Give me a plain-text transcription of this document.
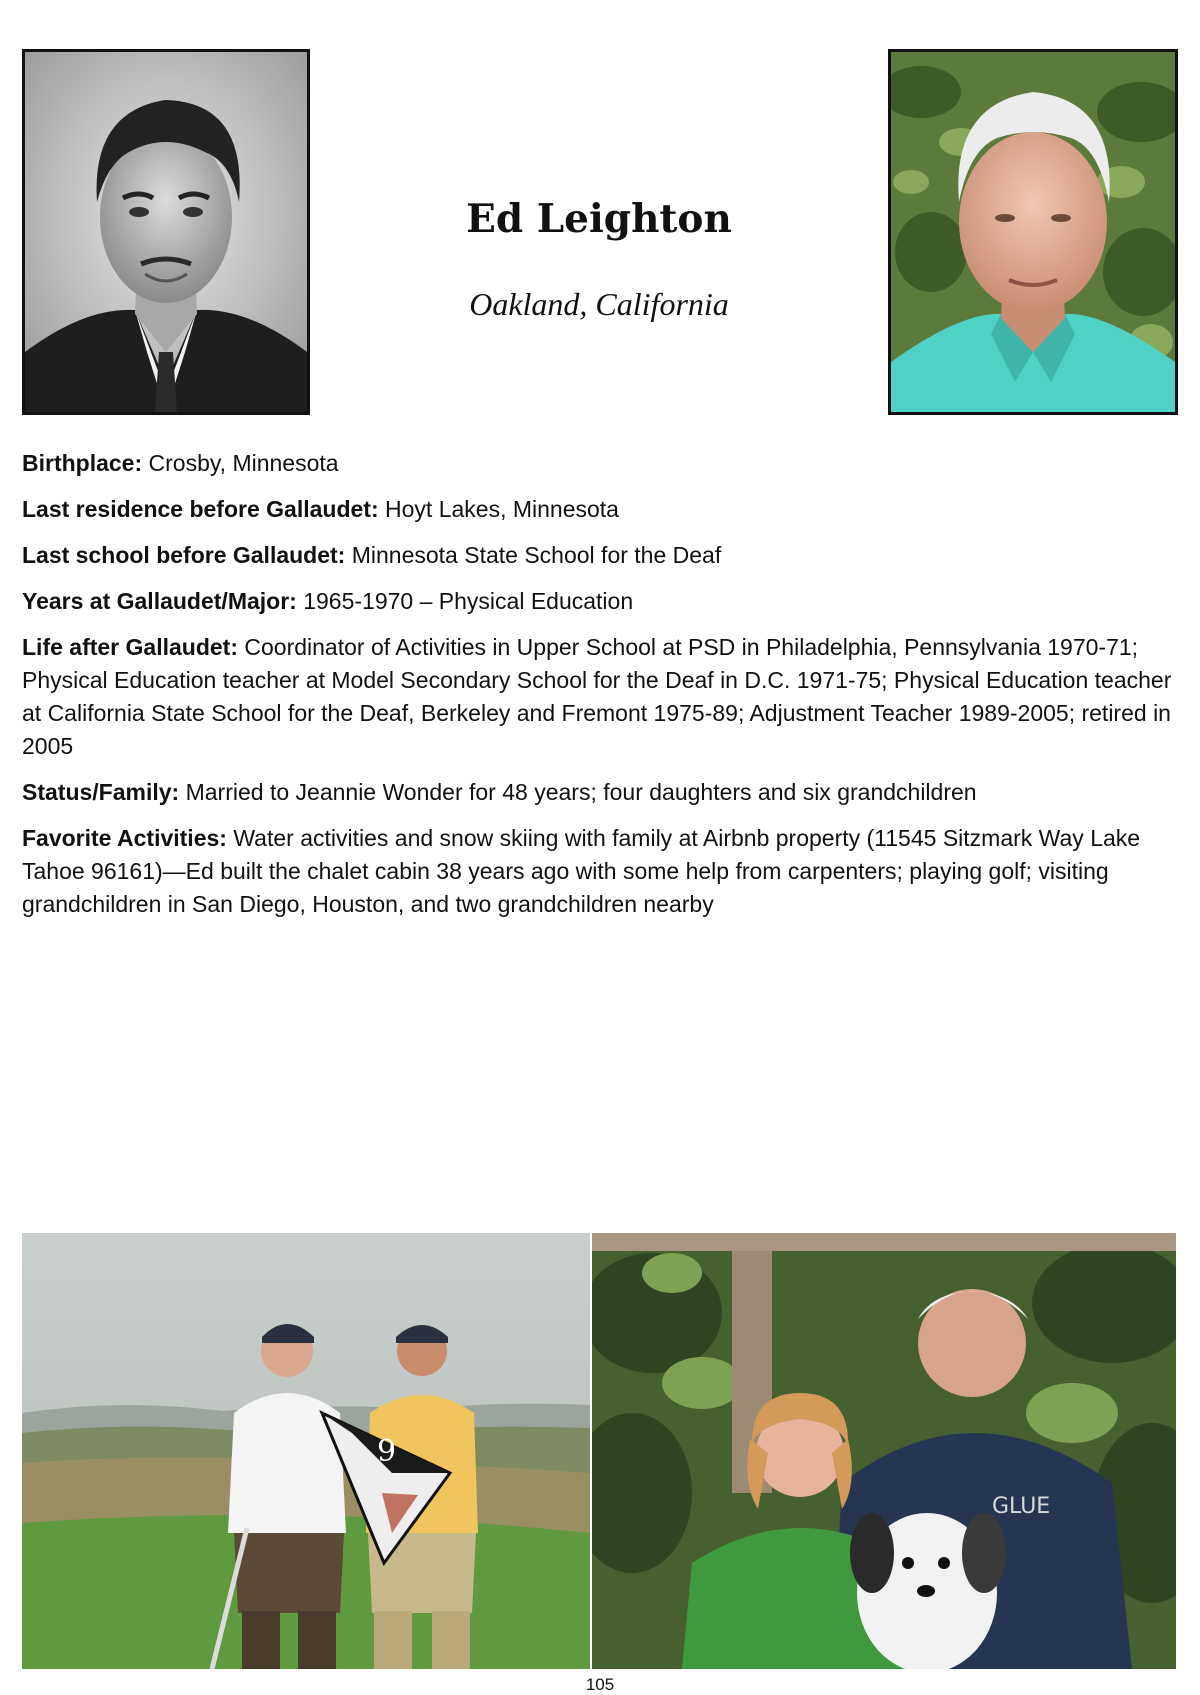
Ed Leighton
Oakland, California

Birthplace: Crosby, Minnesota

Last residence before Gallaudet: Hoyt Lakes, Minnesota

Last school before Gallaudet: Minnesota State School for the Deaf

Years at Gallaudet/Major: 1965-1970 – Physical Education

Life after Gallaudet: Coordinator of Activities in Upper School at PSD in Philadelphia, Pennsylvania 1970-71; Physical Education teacher at Model Secondary School for the Deaf in D.C. 1971-75; Physical Education teacher at California State School for the Deaf, Berkeley and Fremont 1975-89; Adjustment Teacher 1989-2005; retired in 2005

Status/Family: Married to Jeannie Wonder for 48 years; four daughters and six grandchildren

Favorite Activities: Water activities and snow skiing with family at Airbnb property (11545 Sitzmark Way Lake Tahoe 96161)—Ed built the chalet cabin 38 years ago with some help from carpenters; playing golf; visiting grandchildren in San Diego, Houston, and two grandchildren nearby

9
GLUE
105
